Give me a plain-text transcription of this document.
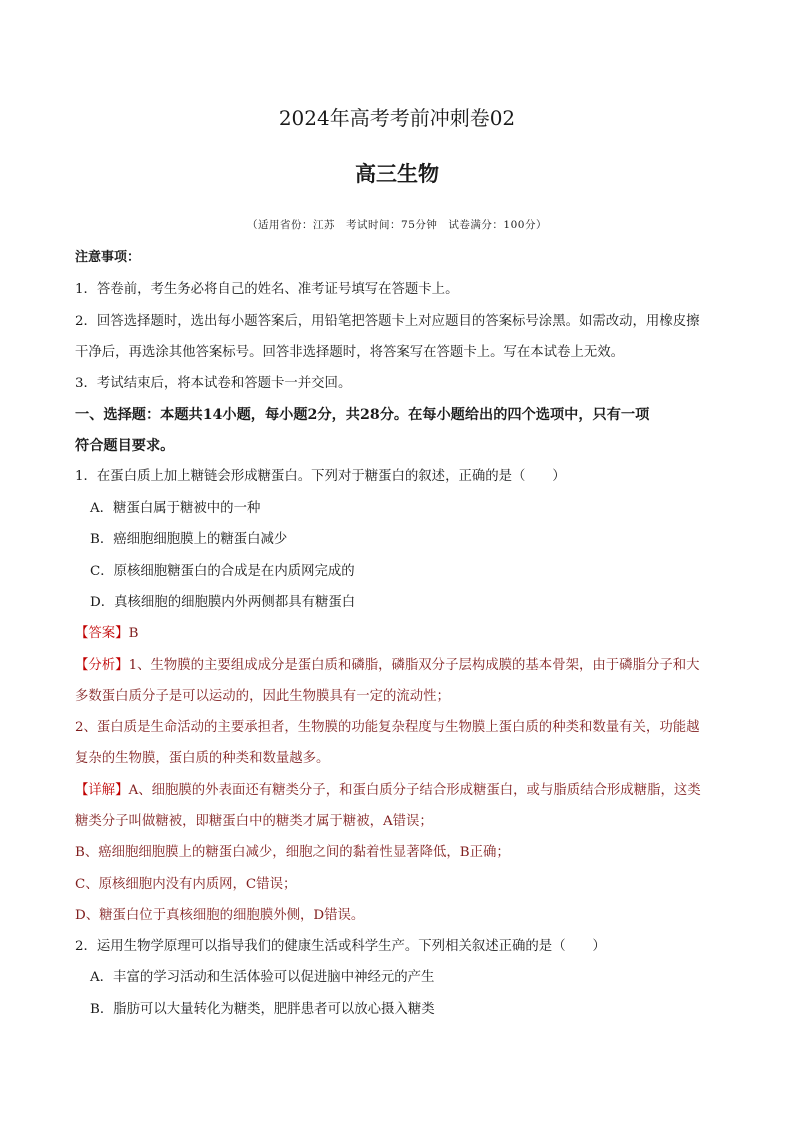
2024年高考考前冲刺卷02
高三生物
（适用省份：江苏　考试时间：75分钟　试卷满分：100分）
注意事项：
1．答卷前，考生务必将自己的姓名、准考证号填写在答题卡上。
2．回答选择题时，选出每小题答案后，用铅笔把答题卡上对应题目的答案标号涂黑。如需改动，用橡皮擦
干净后，再选涂其他答案标号。回答非选择题时，将答案写在答题卡上。写在本试卷上无效。
3．考试结束后，将本试卷和答题卡一并交回。
一、选择题：本题共14小题，每小题2分，共28分。在每小题给出的四个选项中，只有一项
符合题目要求。
1．在蛋白质上加上糖链会形成糖蛋白。下列对于糖蛋白的叙述，正确的是（　　）
A．糖蛋白属于糖被中的一种
B．癌细胞细胞膜上的糖蛋白减少
C．原核细胞糖蛋白的合成是在内质网完成的
D．真核细胞的细胞膜内外两侧都具有糖蛋白
【答案】B
【分析】1、生物膜的主要组成成分是蛋白质和磷脂，磷脂双分子层构成膜的基本骨架，由于磷脂分子和大
多数蛋白质分子是可以运动的，因此生物膜具有一定的流动性；
2、蛋白质是生命活动的主要承担者，生物膜的功能复杂程度与生物膜上蛋白质的种类和数量有关，功能越
复杂的生物膜，蛋白质的种类和数量越多。
【详解】A、细胞膜的外表面还有糖类分子，和蛋白质分子结合形成糖蛋白，或与脂质结合形成糖脂，这类
糖类分子叫做糖被，即糖蛋白中的糖类才属于糖被，A错误；
B、癌细胞细胞膜上的糖蛋白减少，细胞之间的黏着性显著降低，B正确；
C、原核细胞内没有内质网，C错误；
D、糖蛋白位于真核细胞的细胞膜外侧，D错误。
2．运用生物学原理可以指导我们的健康生活或科学生产。下列相关叙述正确的是（　　）
A．丰富的学习活动和生活体验可以促进脑中神经元的产生
B．脂肪可以大量转化为糖类，肥胖患者可以放心摄入糖类
